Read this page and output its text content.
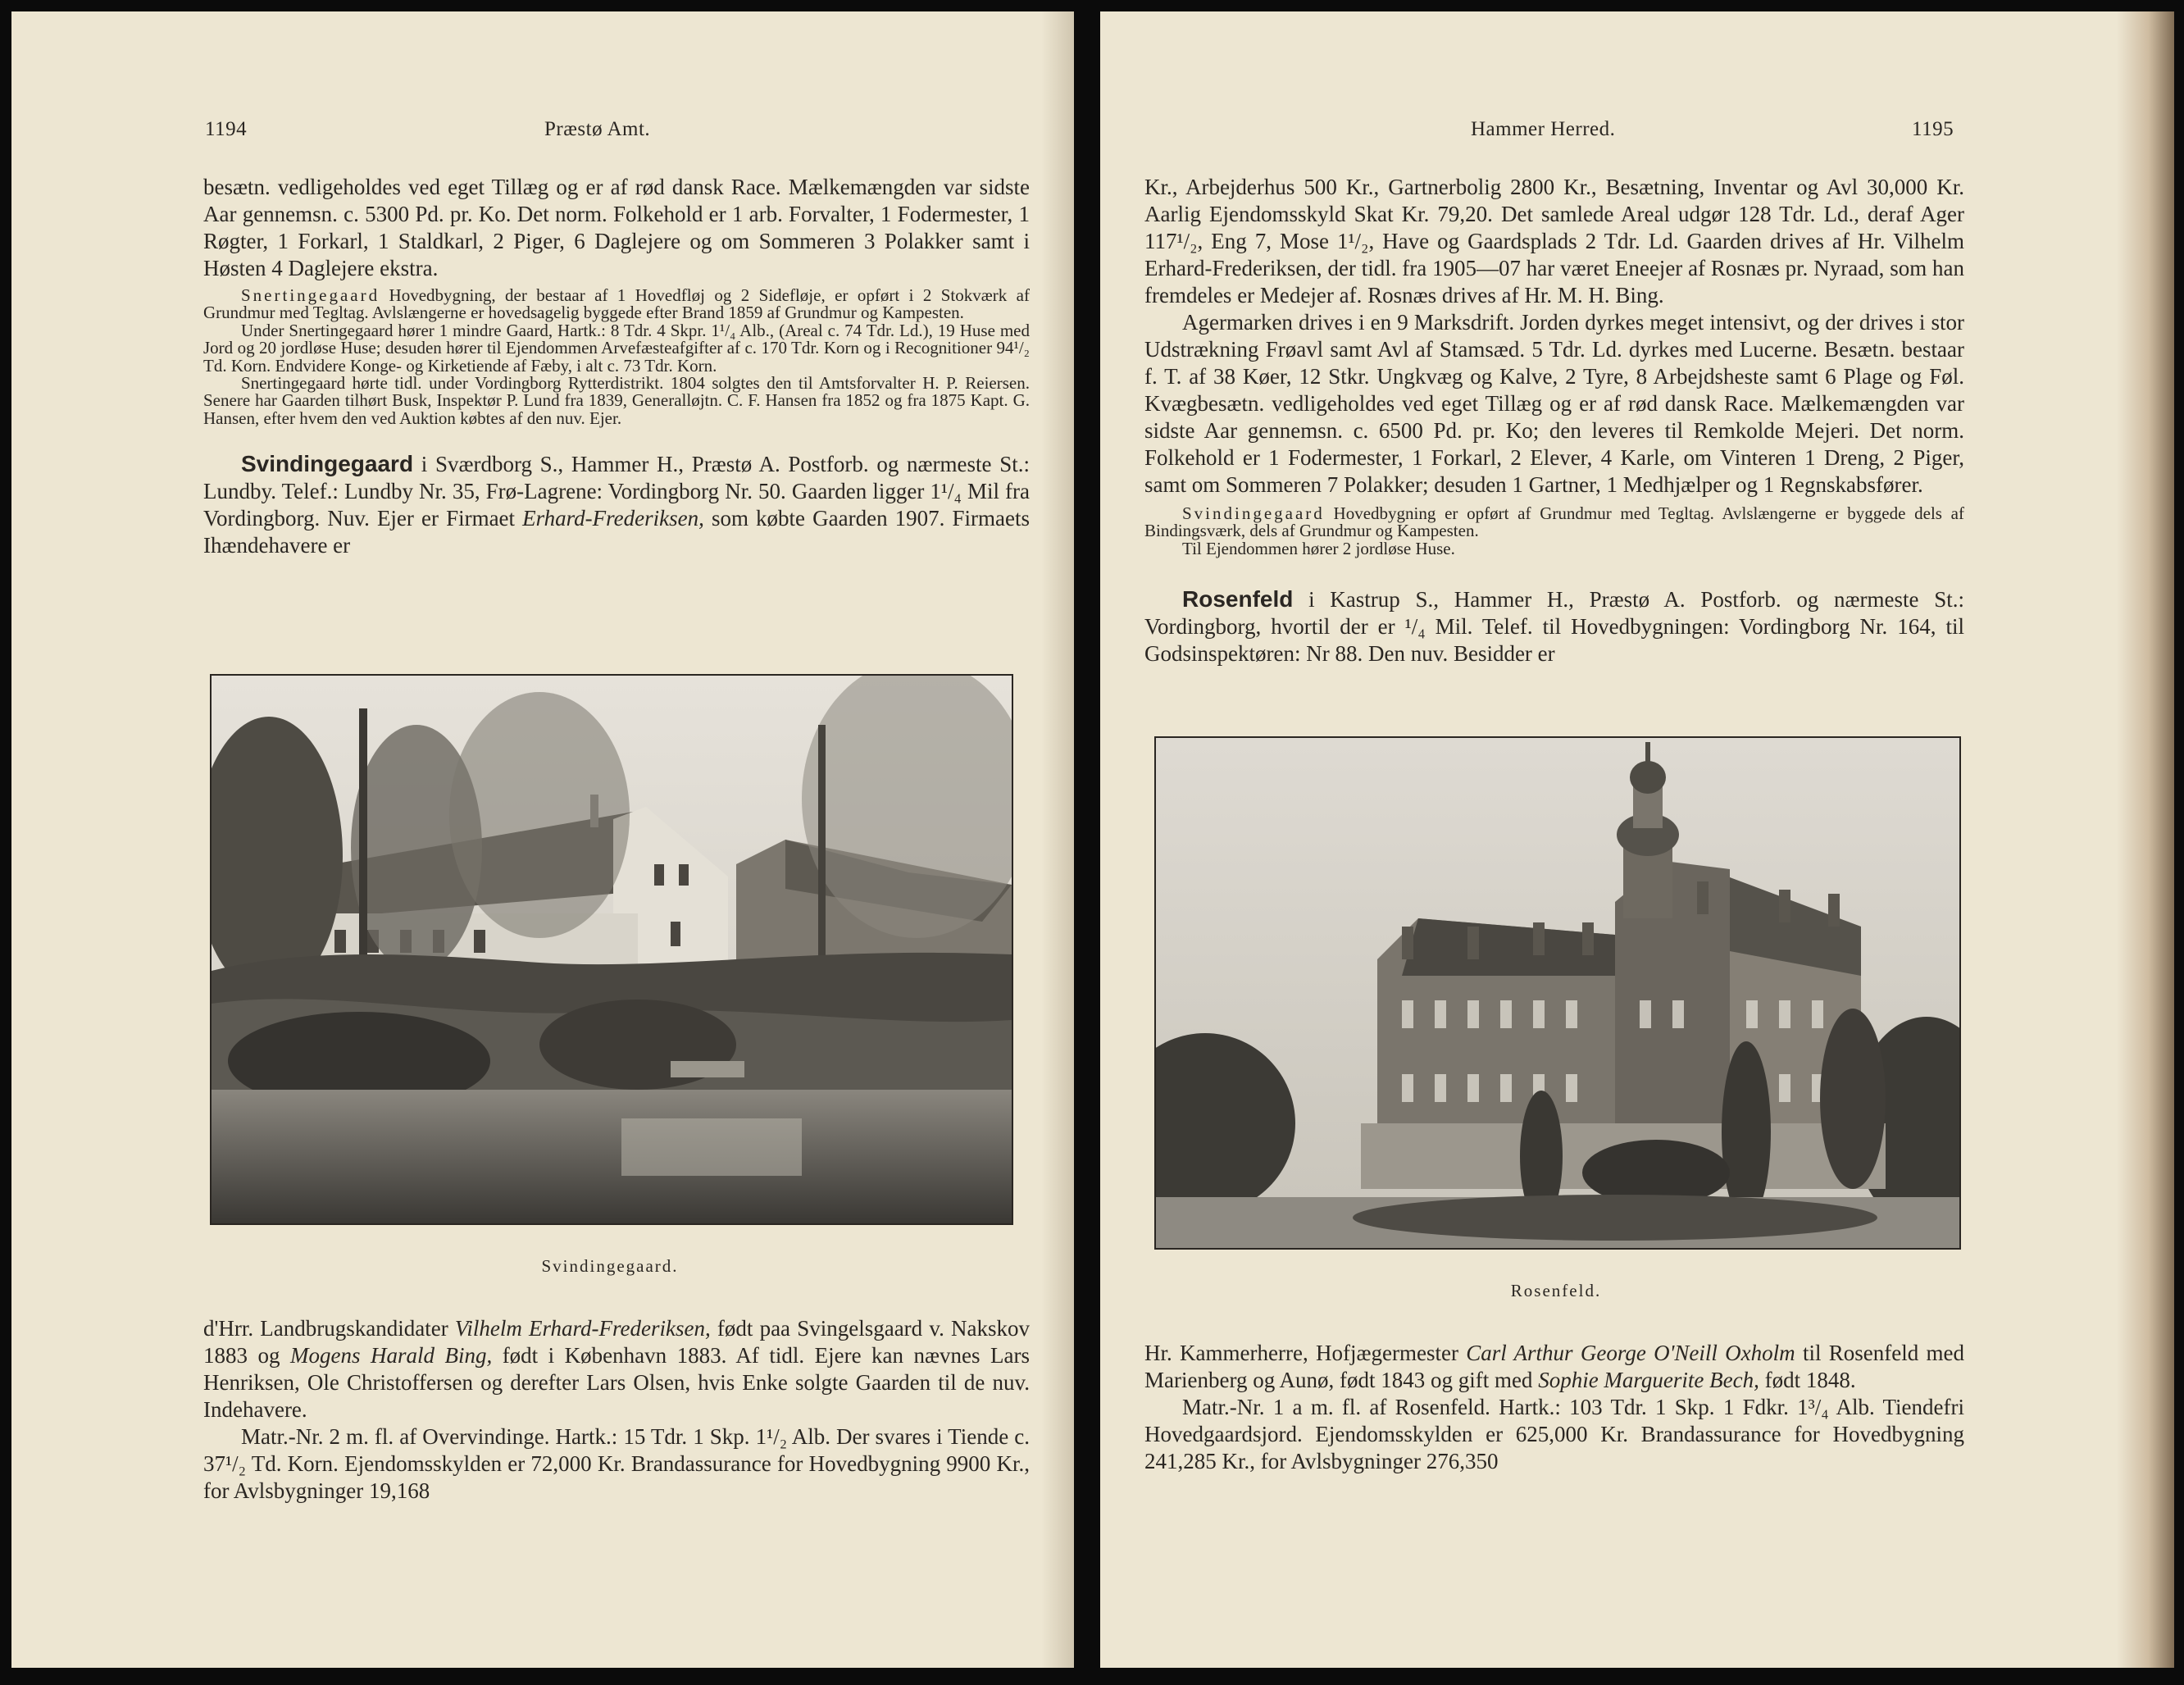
1194	Præstø Amt.

besætn. vedligeholdes ved eget Tillæg og er af rød dansk Race. Mælkemængden var sidste Aar gennemsn. c. 5300 Pd. pr. Ko. Det norm. Folkehold er 1 arb. Forvalter, 1 Fodermester, 1 Røgter, 1 Forkarl, 1 Staldkarl, 2 Piger, 6 Daglejere og om Sommeren 3 Polakker samt i Høsten 4 Daglejere ekstra.

Snertingegaard Hovedbygning, der bestaar af 1 Hovedfløj og 2 Sidefløje, er opført i 2 Stokværk af Grundmur med Tegltag. Avlslængerne er hovedsagelig byggede efter Brand 1859 af Grundmur og Kampesten.

Under Snertingegaard hører 1 mindre Gaard, Hartk.: 8 Tdr. 4 Skpr. 1¹/₄ Alb., (Areal c. 74 Tdr. Ld.), 19 Huse med Jord og 20 jordløse Huse; desuden hører til Ejendommen Arvefæsteafgifter af c. 170 Tdr. Korn og i Recognitioner 94¹/₂ Td. Korn. Endvidere Konge- og Kirketiende af Fæby, i alt c. 73 Tdr. Korn.

Snertingegaard hørte tidl. under Vordingborg Rytterdistrikt. 1804 solgtes den til Amtsforvalter H. P. Reiersen. Senere har Gaarden tilhørt Busk, Inspektør P. Lund fra 1839, Generalløjtn. C. F. Hansen fra 1852 og fra 1875 Kapt. G. Hansen, efter hvem den ved Auktion købtes af den nuv. Ejer.

Svindingegaard i Sværdborg S., Hammer H., Præstø A. Postforb. og nærmeste St.: Lundby. Telef.: Lundby Nr. 35, Frø-Lagrene: Vordingborg Nr. 50. Gaarden ligger 1¹/₄ Mil fra Vordingborg. Nuv. Ejer er Firmaet Erhard-Frederiksen, som købte Gaarden 1907. Firmaets Ihændehavere er

Svindingegaard.

d'Hrr. Landbrugskandidater Vilhelm Erhard-Frederiksen, født paa Svingelsgaard v. Nakskov 1883 og Mogens Harald Bing, født i København 1883. Af tidl. Ejere kan nævnes Lars Henriksen, Ole Christoffersen og derefter Lars Olsen, hvis Enke solgte Gaarden til de nuv. Indehavere.

Matr.-Nr. 2 m. fl. af Overvindinge. Hartk.: 15 Tdr. 1 Skp. 1¹/₂ Alb. Der svares i Tiende c. 37¹/₂ Td. Korn. Ejendomsskylden er 72,000 Kr. Brandassurance for Hovedbygning 9900 Kr., for Avlsbygninger 19,168

Hammer Herred.	1195

Kr., Arbejderhus 500 Kr., Gartnerbolig 2800 Kr., Besætning, Inventar og Avl 30,000 Kr. Aarlig Ejendomsskyld Skat Kr. 79,20. Det samlede Areal udgør 128 Tdr. Ld., deraf Ager 117¹/₂, Eng 7, Mose 1¹/₂, Have og Gaardsplads 2 Tdr. Ld. Gaarden drives af Hr. Vilhelm Erhard-Frederiksen, der tidl. fra 1905—07 har været Eneejer af Rosnæs pr. Nyraad, som han fremdeles er Medejer af. Rosnæs drives af Hr. M. H. Bing.

Agermarken drives i en 9 Marksdrift. Jorden dyrkes meget intensivt, og der drives i stor Udstrækning Frøavl samt Avl af Stamsæd. 5 Tdr. Ld. dyrkes med Lucerne. Besætn. bestaar f. T. af 38 Køer, 12 Stkr. Ungkvæg og Kalve, 2 Tyre, 8 Arbejdsheste samt 6 Plage og Føl. Kvægbesætn. vedligeholdes ved eget Tillæg og er af rød dansk Race. Mælkemængden var sidste Aar gennemsn. c. 6500 Pd. pr. Ko; den leveres til Remkolde Mejeri. Det norm. Folkehold er 1 Fodermester, 1 Forkarl, 2 Elever, 4 Karle, om Vinteren 1 Dreng, 2 Piger, samt om Sommeren 7 Polakker; desuden 1 Gartner, 1 Medhjælper og 1 Regnskabsfører.

Svindingegaard Hovedbygning er opført af Grundmur med Tegltag. Avlslængerne er byggede dels af Bindingsværk, dels af Grundmur og Kampesten.

Til Ejendommen hører 2 jordløse Huse.

Rosenfeld i Kastrup S., Hammer H., Præstø A. Postforb. og nærmeste St.: Vordingborg, hvortil der er ¹/₄ Mil. Telef. til Hovedbygningen: Vordingborg Nr. 164, til Godsinspektøren: Nr 88. Den nuv. Besidder er

Rosenfeld.

Hr. Kammerherre, Hofjægermester Carl Arthur George O'Neill Oxholm til Rosenfeld med Marienberg og Aunø, født 1843 og gift med Sophie Marguerite Bech, født 1848.

Matr.-Nr. 1 a m. fl. af Rosenfeld. Hartk.: 103 Tdr. 1 Skp. 1 Fdkr. 1³/₄ Alb. Tiendefri Hovedgaardsjord. Ejendomsskylden er 625,000 Kr. Brandassurance for Hovedbygning 241,285 Kr., for Avlsbygninger 276,350
